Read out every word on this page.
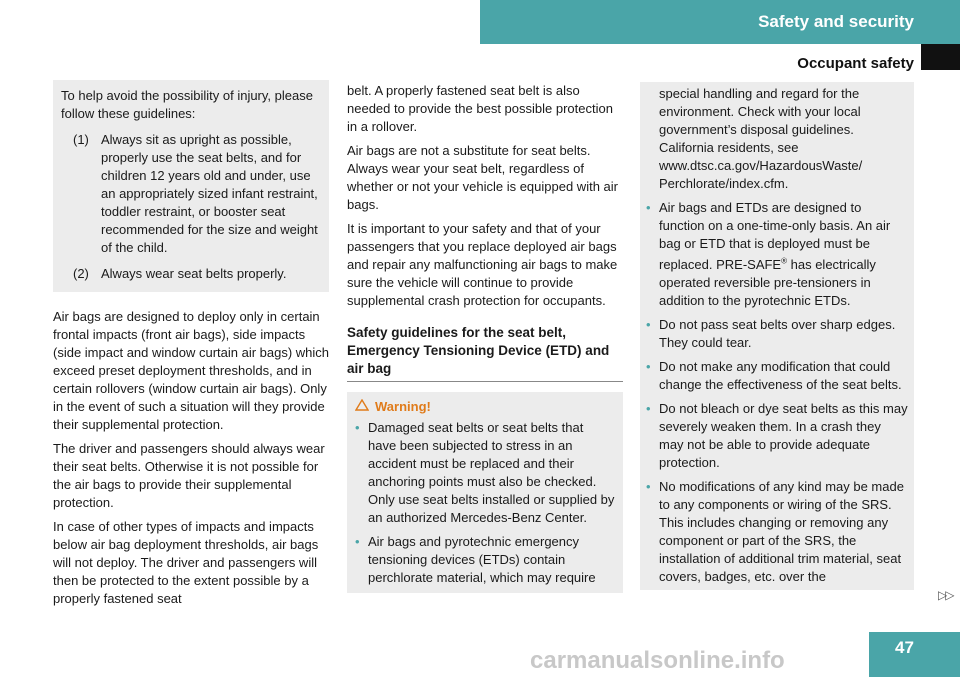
Safety and security
Occupant safety

To help avoid the possibility of injury, please follow these guidelines:

(1) Always sit as upright as possible, properly use the seat belts, and for children 12 years old and under, use an appropriately sized infant restraint, toddler restraint, or booster seat recommended for the size and weight of the child.
(2) Always wear seat belts properly.

Air bags are designed to deploy only in certain frontal impacts (front air bags), side impacts (side impact and window curtain air bags) which exceed preset deployment thresholds, and in certain rollovers (window curtain air bags). Only in the event of such a situation will they provide their supplemental protection.

The driver and passengers should always wear their seat belts. Otherwise it is not possible for the air bags to provide their supplemental protection.

In case of other types of impacts and impacts below air bag deployment thresholds, air bags will not deploy. The driver and passengers will then be protected to the extent possible by a properly fastened seat

belt. A properly fastened seat belt is also needed to provide the best possible protection in a rollover.

Air bags are not a substitute for seat belts. Always wear your seat belt, regardless of whether or not your vehicle is equipped with air bags.

It is important to your safety and that of your passengers that you replace deployed air bags and repair any malfunctioning air bags to make sure the vehicle will continue to provide supplemental crash protection for occupants.

Safety guidelines for the seat belt, Emergency Tensioning Device (ETD) and air bag
Warning!
• Damaged seat belts or seat belts that have been subjected to stress in an accident must be replaced and their anchoring points must also be checked. Only use seat belts installed or supplied by an authorized Mercedes-Benz Center.
• Air bags and pyrotechnic emergency tensioning devices (ETDs) contain perchlorate material, which may require
special handling and regard for the environment. Check with your local government’s disposal guidelines. California residents, see www.dtsc.ca.gov/HazardousWaste/ Perchlorate/index.cfm.
• Air bags and ETDs are designed to function on a one-time-only basis. An air bag or ETD that is deployed must be replaced. PRE-SAFE® has electrically operated reversible pre-tensioners in addition to the pyrotechnic ETDs.
• Do not pass seat belts over sharp edges. They could tear.
• Do not make any modification that could change the effectiveness of the seat belts.
• Do not bleach or dye seat belts as this may severely weaken them. In a crash they may not be able to provide adequate protection.
• No modifications of any kind may be made to any components or wiring of the SRS. This includes changing or removing any component or part of the SRS, the installation of additional trim material, seat covers, badges, etc. over the
▷▷
47
carmanualsonline.info
